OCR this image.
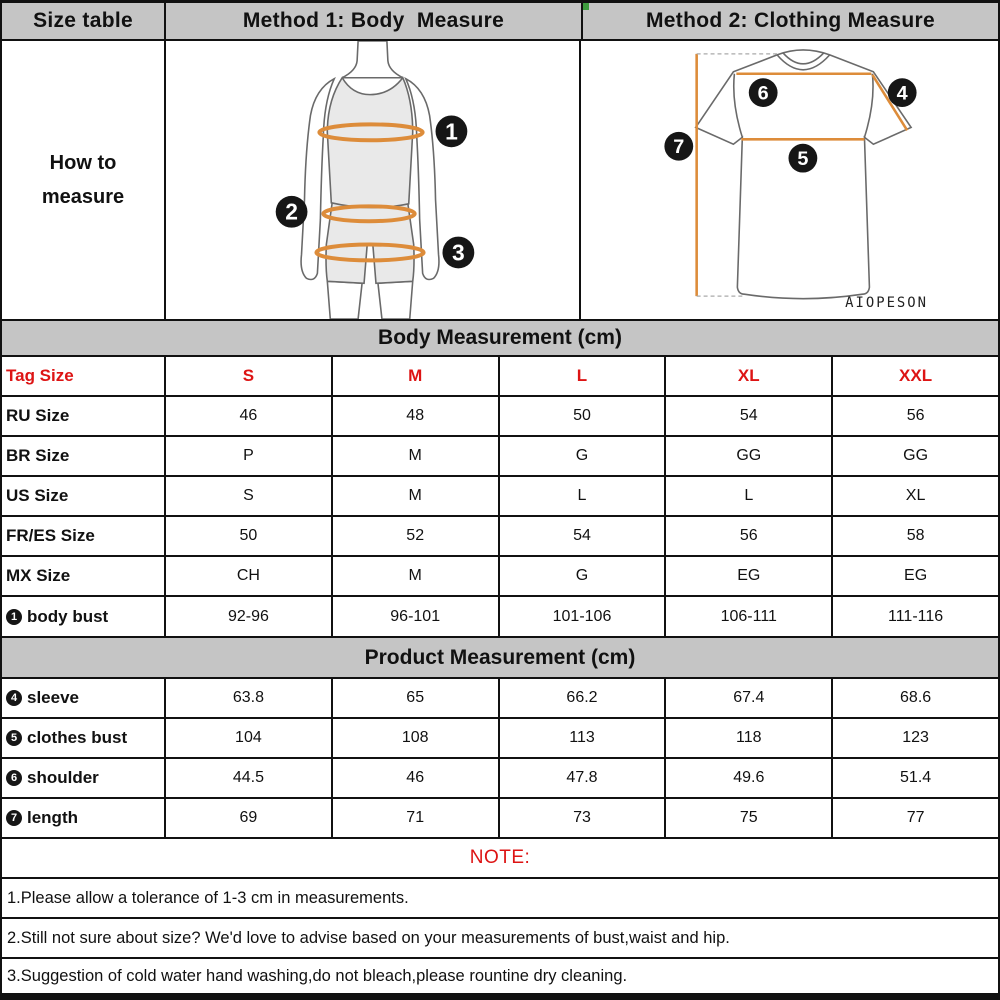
Size table	Method 1: Body  Measure	Method 2: Clothing Measure
How to measure
1
2
3
4
5
6
7
AIOPESON
Body Measurement (cm)
Tag Size	S	M	L	XL	XXL
RU Size	46	48	50	54	56
BR Size	P	M	G	GG	GG
US Size	S	M	L	L	XL
FR/ES Size	50	52	54	56	58
MX Size	CH	M	G	EG	EG
1 body bust	92-96	96-101	101-106	106-111	111-116
Product Measurement (cm)
4 sleeve	63.8	65	66.2	67.4	68.6
5 clothes bust	104	108	113	118	123
6 shoulder	44.5	46	47.8	49.6	51.4
7 length	69	71	73	75	77
NOTE:
1.Please allow a tolerance of 1-3 cm in measurements.
2.Still not sure about size? We'd love to advise based on your measurements of bust,waist and hip.
3.Suggestion of cold water hand washing,do not bleach,please rountine dry cleaning.
